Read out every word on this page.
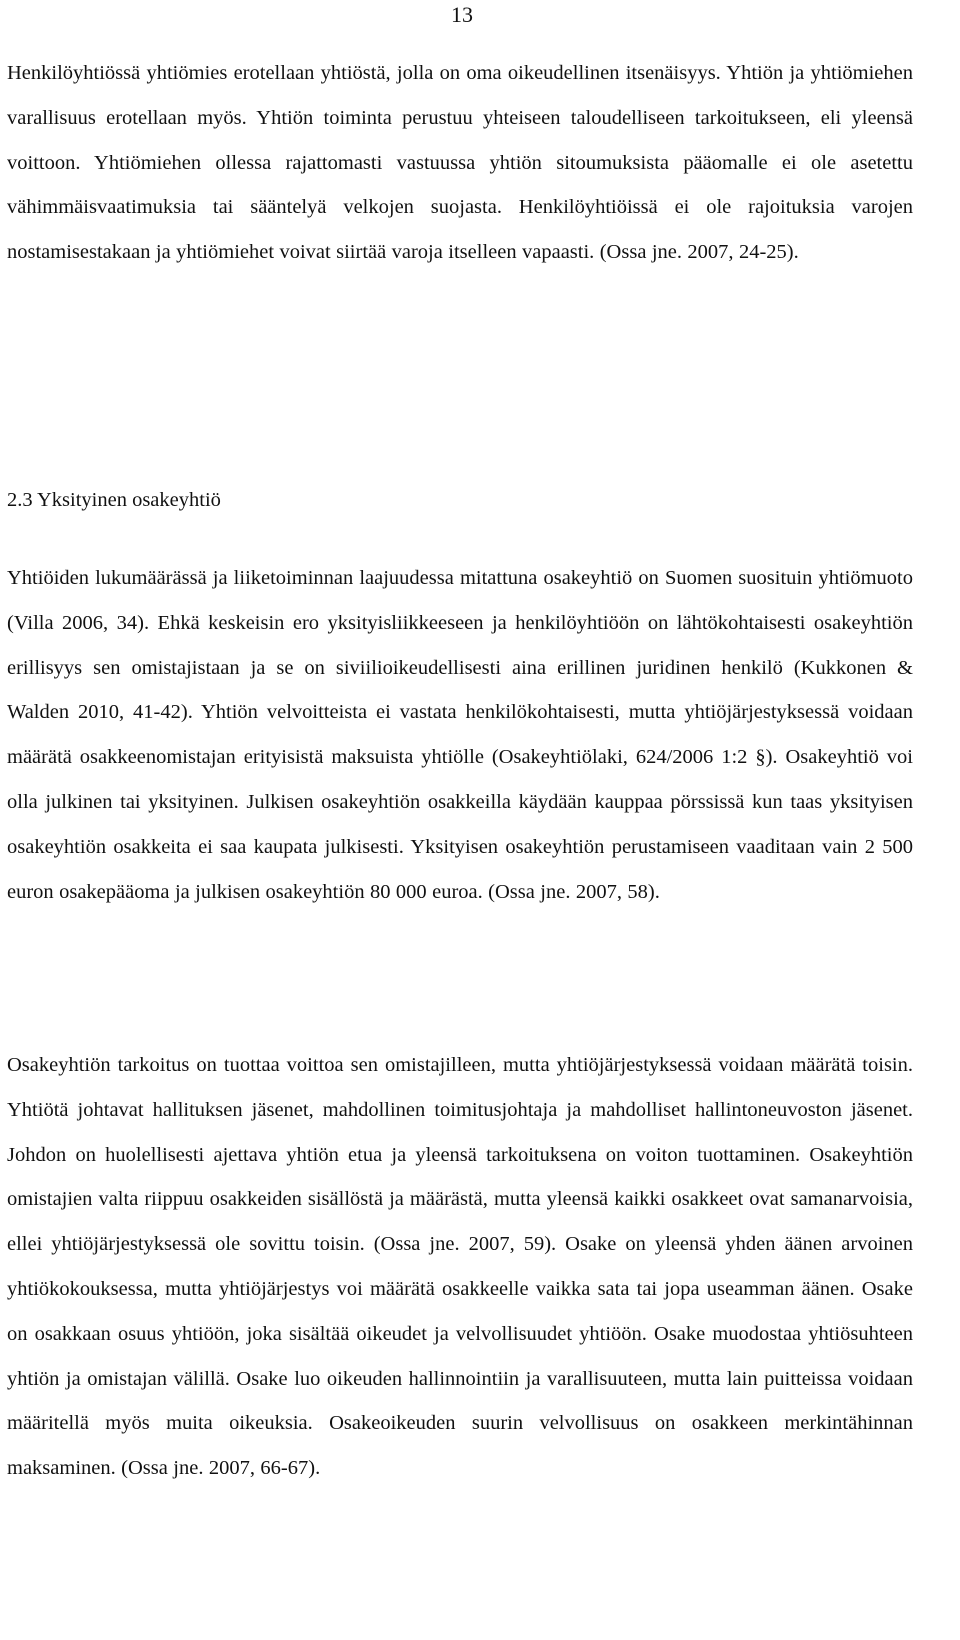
13

Henkilöyhtiössä yhtiömies erotellaan yhtiöstä, jolla on oma oikeudellinen itsenäisyys. Yhtiön ja yhtiömiehen varallisuus erotellaan myös. Yhtiön toiminta perustuu yhteiseen taloudelliseen tarkoitukseen, eli yleensä voittoon. Yhtiömiehen ollessa rajattomasti vastuussa yhtiön sitoumuksista pääomalle ei ole asetettu vähimmäisvaatimuksia tai sääntelyä velkojen suojasta. Henkilöyhtiöissä ei ole rajoituksia varojen nostamisestakaan ja yhtiömiehet voivat siirtää varoja itselleen vapaasti. (Ossa jne. 2007, 24-25).

2.3 Yksityinen osakeyhtiö

Yhtiöiden lukumäärässä ja liiketoiminnan laajuudessa mitattuna osakeyhtiö on Suomen suosituin yhtiömuoto (Villa 2006, 34). Ehkä keskeisin ero yksityisliikkeeseen ja henkilöyhtiöön on lähtökohtaisesti osakeyhtiön erillisyys sen omistajistaan ja se on siviilioikeudellisesti aina erillinen juridinen henkilö (Kukkonen & Walden 2010, 41-42). Yhtiön velvoitteista ei vastata henkilökohtaisesti, mutta yhtiöjärjestyksessä voidaan määrätä osakkeenomistajan erityisistä maksuista yhtiölle (Osakeyhtiölaki, 624/2006 1:2 §). Osakeyhtiö voi olla julkinen tai yksityinen. Julkisen osakeyhtiön osakkeilla käydään kauppaa pörssissä kun taas yksityisen osakeyhtiön osakkeita ei saa kaupata julkisesti. Yksityisen osakeyhtiön perustamiseen vaaditaan vain 2 500 euron osakepääoma ja julkisen osakeyhtiön 80 000 euroa. (Ossa jne. 2007, 58).

Osakeyhtiön tarkoitus on tuottaa voittoa sen omistajilleen, mutta yhtiöjärjestyksessä voidaan määrätä toisin. Yhtiötä johtavat hallituksen jäsenet, mahdollinen toimitusjohtaja ja mahdolliset hallintoneuvoston jäsenet. Johdon on huolellisesti ajettava yhtiön etua ja yleensä tarkoituksena on voiton tuottaminen. Osakeyhtiön omistajien valta riippuu osakkeiden sisällöstä ja määrästä, mutta yleensä kaikki osakkeet ovat samanarvoisia, ellei yhtiöjärjestyksessä ole sovittu toisin. (Ossa jne. 2007, 59). Osake on yleensä yhden äänen arvoinen yhtiökokouksessa, mutta yhtiöjärjestys voi määrätä osakkeelle vaikka sata tai jopa useamman äänen. Osake on osakkaan osuus yhtiöön, joka sisältää oikeudet ja velvollisuudet yhtiöön. Osake muodostaa yhtiösuhteen yhtiön ja omistajan välillä. Osake luo oikeuden hallinnointiin ja varallisuuteen, mutta lain puitteissa voidaan määritellä myös muita oikeuksia. Osakeoikeuden suurin velvollisuus on osakkeen merkintähinnan maksaminen. (Ossa jne. 2007, 66-67).
